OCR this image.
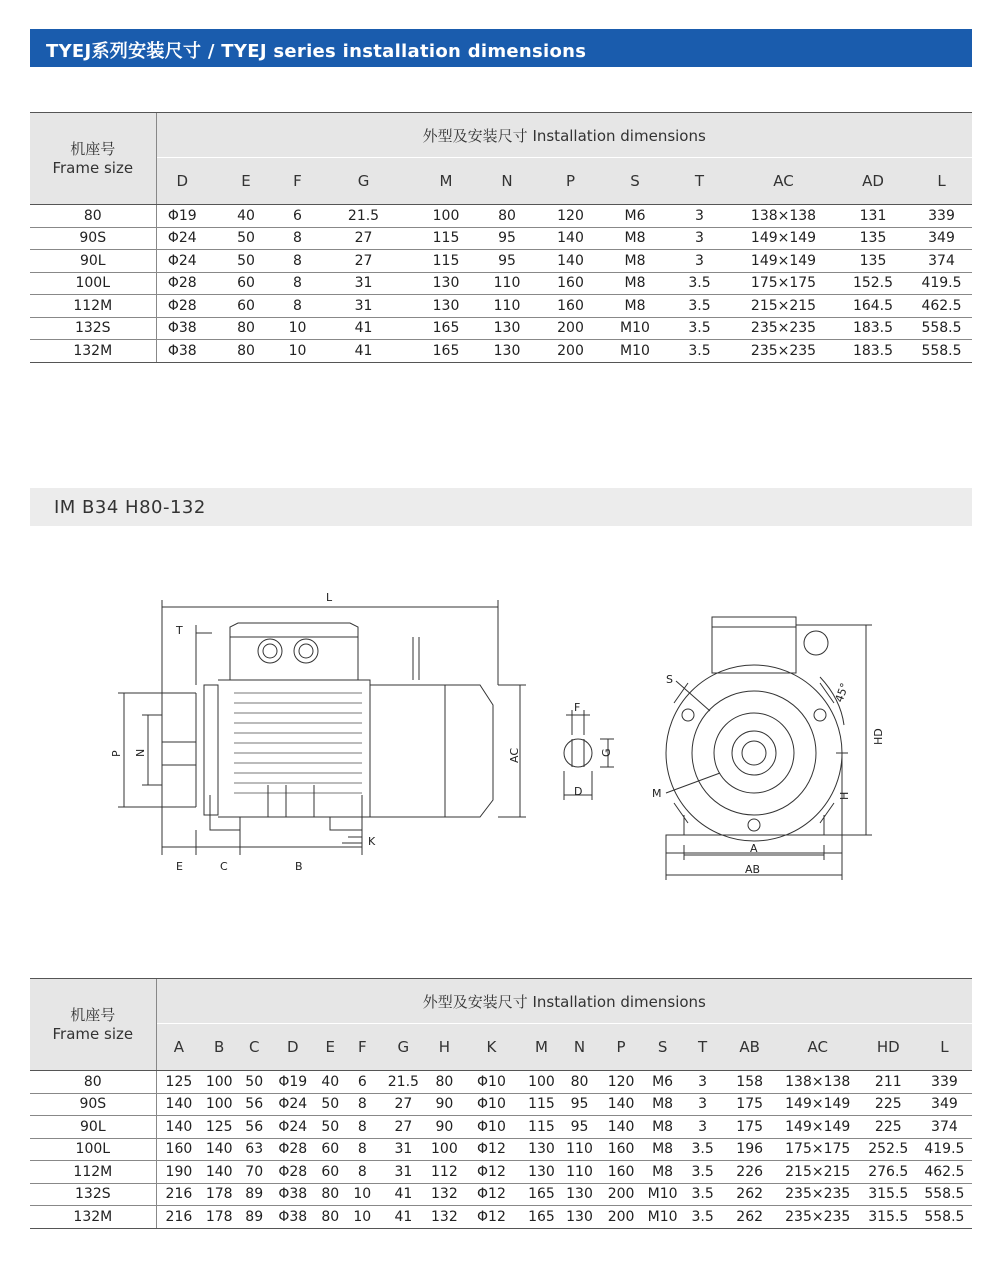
TYEJ系列安装尺寸 / TYEJ series installation dimensions
机座号
Frame size	外型及安装尺寸 Installation dimensions											
	D	E	F	G	M	N	P	S	T	AC	AD	L
80	Φ19	40	6	21.5	100	80	120	M6	3	138×138	131	339
90S	Φ24	50	8	27	115	95	140	M8	3	149×149	135	349
90L	Φ24	50	8	27	115	95	140	M8	3	149×149	135	374
100L	Φ28	60	8	31	130	110	160	M8	3.5	175×175	152.5	419.5
112M	Φ28	60	8	31	130	110	160	M8	3.5	215×215	164.5	462.5
132S	Φ38	80	10	41	165	130	200	M10	3.5	235×235	183.5	558.5
132M	Φ38	80	10	41	165	130	200	M10	3.5	235×235	183.5	558.5
IM B34 H80-132
L
T
P N	AC
E	C	B
K
F
G
D
S
M
45°
HD
H
A
AB
机座号
Frame size	外型及安装尺寸 Installation dimensions																	
	A	B	C	D	E	F	G	H	K	M	N	P	S	T	AB	AC	HD	L
80	125	100	50	Φ19	40	6	21.5	80	Φ10	100	80	120	M6	3	158	138×138	211	339
90S	140	100	56	Φ24	50	8	27	90	Φ10	115	95	140	M8	3	175	149×149	225	349
90L	140	125	56	Φ24	50	8	27	90	Φ10	115	95	140	M8	3	175	149×149	225	374
100L	160	140	63	Φ28	60	8	31	100	Φ12	130	110	160	M8	3.5	196	175×175	252.5	419.5
112M	190	140	70	Φ28	60	8	31	112	Φ12	130	110	160	M8	3.5	226	215×215	276.5	462.5
132S	216	178	89	Φ38	80	10	41	132	Φ12	165	130	200	M10	3.5	262	235×235	315.5	558.5
132M	216	178	89	Φ38	80	10	41	132	Φ12	165	130	200	M10	3.5	262	235×235	315.5	558.5
